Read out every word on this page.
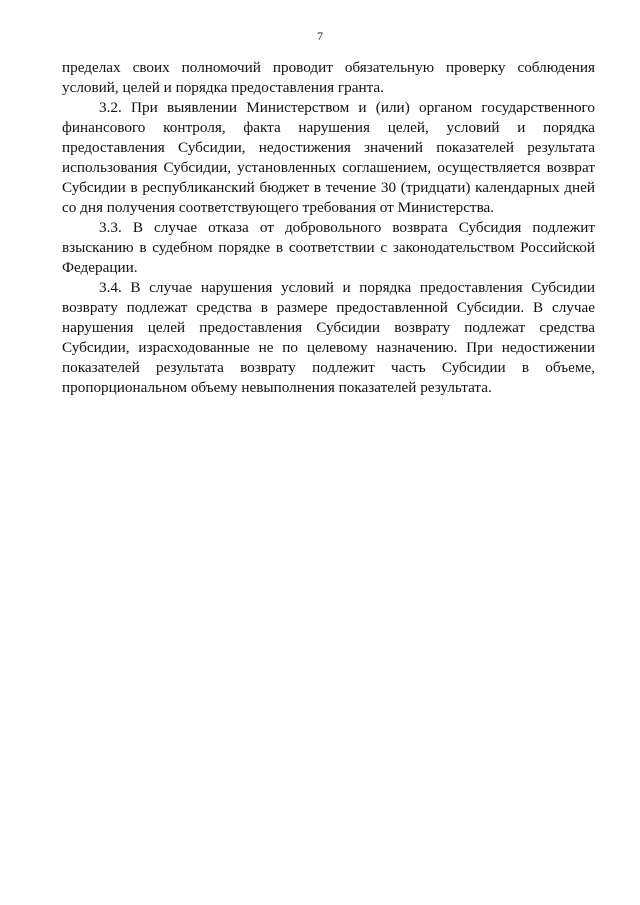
7

пределах своих полномочий проводит обязательную проверку соблюдения условий, целей и порядка предоставления гранта.

3.2. При выявлении Министерством и (или) органом государственного финансового контроля, факта нарушения целей, условий и порядка предоставления Субсидии, недостижения значений показателей результата использования Субсидии, установленных соглашением, осуществляется возврат Субсидии в республиканский бюджет в течение 30 (тридцати) календарных дней со дня получения соответствующего требования от Министерства.

3.3. В случае отказа от добровольного возврата Субсидия подлежит взысканию в судебном порядке в соответствии с законодательством Российской Федерации.

3.4. В случае нарушения условий и порядка предоставления Субсидии возврату подлежат средства в размере предоставленной Субсидии. В случае нарушения целей предоставления Субсидии возврату подлежат средства Субсидии, израсходованные не по целевому назначению. При недостижении показателей результата возврату подлежит часть Субсидии в объеме, пропорциональном объему невыполнения показателей результата.
